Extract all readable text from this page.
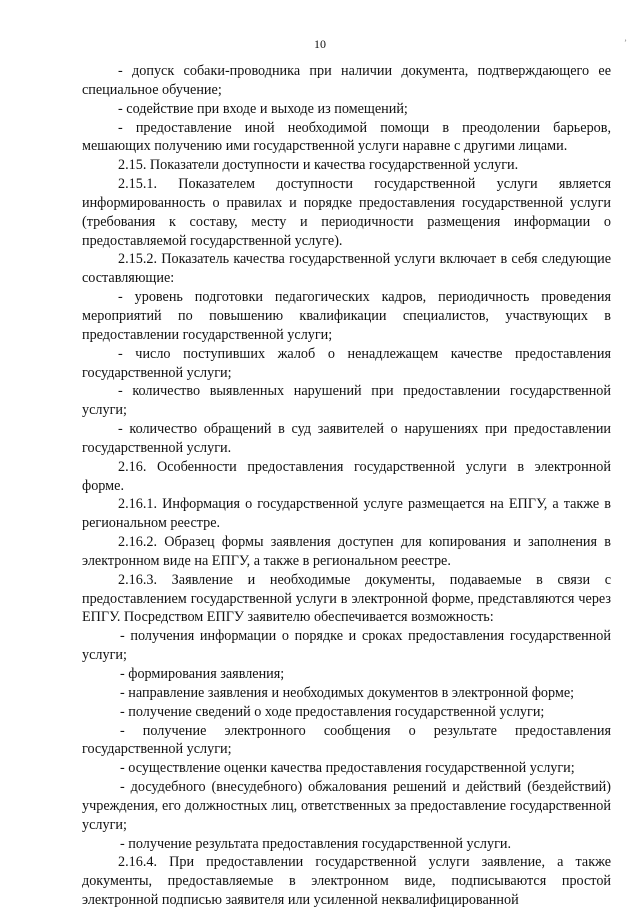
10	’

- допуск собаки-проводника при наличии документа, подтверждающего ее специальное обучение;

- содействие при входе и выходе из помещений;

- предоставление иной необходимой помощи в преодолении барьеров, мешающих получению ими государственной услуги наравне с другими лицами.

2.15. Показатели доступности и качества государственной услуги.

2.15.1. Показателем доступности государственной услуги является информированность о правилах и порядке предоставления государственной услуги (требования к составу, месту и периодичности размещения информации о предоставляемой государственной услуге).

2.15.2. Показатель качества государственной услуги включает в себя следующие составляющие:

- уровень подготовки педагогических кадров, периодичность проведения мероприятий по повышению квалификации специалистов, участвующих в предоставлении государственной услуги;

- число поступивших жалоб о ненадлежащем качестве предоставления государственной услуги;

- количество выявленных нарушений при предоставлении государственной услуги;

- количество обращений в суд заявителей о нарушениях при предоставлении государственной услуги.

2.16. Особенности предоставления государственной услуги в электронной форме.

2.16.1. Информация о государственной услуге размещается на ЕПГУ, а также в региональном реестре.

2.16.2. Образец формы заявления доступен для копирования и заполнения в электронном виде на ЕПГУ, а также в региональном реестре.

2.16.3. Заявление и необходимые документы, подаваемые в связи с предоставлением государственной услуги в электронной форме, представляются через ЕПГУ. Посредством ЕПГУ заявителю обеспечивается возможность:

- получения информации о порядке и сроках предоставления государственной услуги;

- формирования заявления;

- направление заявления и необходимых документов в электронной форме;

- получение сведений о ходе предоставления государственной услуги;

- получение электронного сообщения о результате предоставления государственной услуги;

- осуществление оценки качества предоставления государственной услуги;

- досудебного (внесудебного) обжалования решений и действий (бездействий) учреждения, его должностных лиц, ответственных за предоставление государственной услуги;

- получение результата предоставления государственной услуги.

2.16.4. При предоставлении государственной услуги заявление, а также документы, предоставляемые в электронном виде, подписываются простой электронной подписью заявителя или усиленной неквалифицированной
